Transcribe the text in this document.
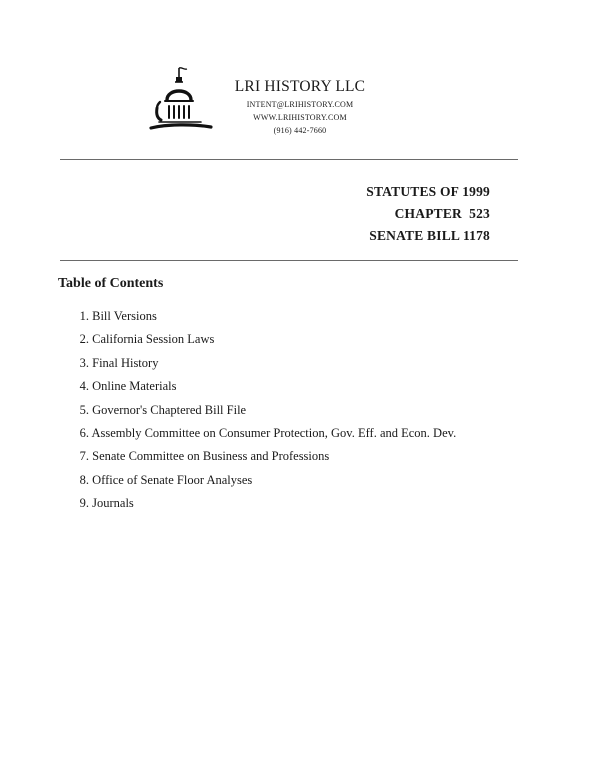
LRI HISTORY LLC
INTENT@LRIHISTORY.COM
WWW.LRIHISTORY.COM
(916) 442-7660
STATUTES OF 1999
CHAPTER  523
SENATE BILL 1178
Table of Contents
1. Bill Versions
2. California Session Laws
3. Final History
4. Online Materials
5. Governor's Chaptered Bill File
6. Assembly Committee on Consumer Protection, Gov. Eff. and Econ. Dev.
7. Senate Committee on Business and Professions
8. Office of Senate Floor Analyses
9. Journals
